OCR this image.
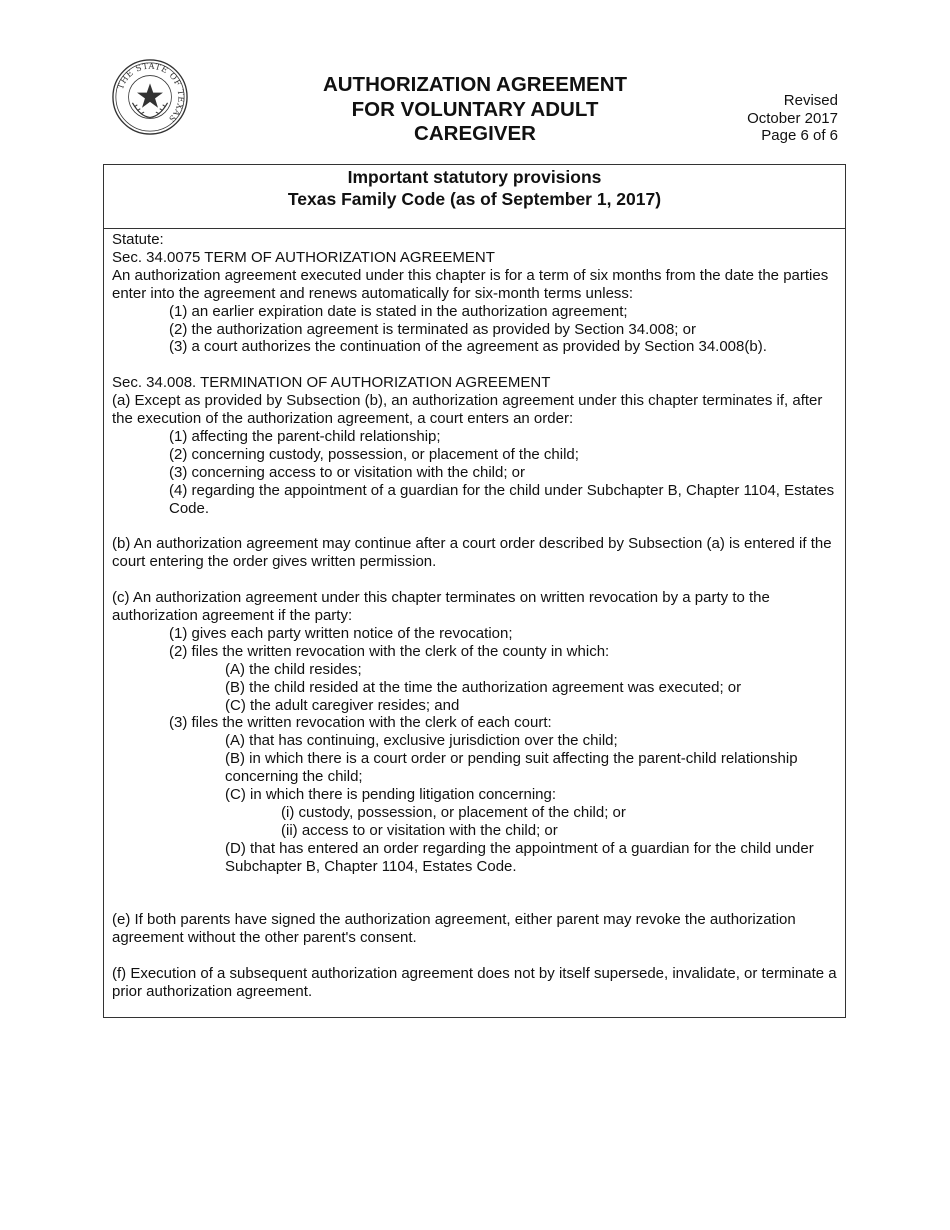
THE STATE OF TEXAS
AUTHORIZATION AGREEMENT
FOR VOLUNTARY ADULT
CAREGIVER
Revised
October 2017
Page 6 of 6
Important statutory provisions
Texas Family Code (as of September 1, 2017)

Statute:

Sec. 34.0075 TERM OF AUTHORIZATION AGREEMENT

An authorization agreement executed under this chapter is for a term of six months from the date the parties enter into the agreement and renews automatically for six-month terms unless:

(1) an earlier expiration date is stated in the authorization agreement;

(2) the authorization agreement is terminated as provided by Section 34.008; or

(3) a court authorizes the continuation of the agreement as provided by Section 34.008(b).

Sec. 34.008. TERMINATION OF AUTHORIZATION AGREEMENT

(a) Except as provided by Subsection (b), an authorization agreement under this chapter terminates if, after the execution of the authorization agreement, a court enters an order:

(1) affecting the parent-child relationship;

(2) concerning custody, possession, or placement of the child;

(3) concerning access to or visitation with the child; or

(4) regarding the appointment of a guardian for the child under Subchapter B, Chapter 1104, Estates Code.

(b) An authorization agreement may continue after a court order described by Subsection (a) is entered if the court entering the order gives written permission.

(c) An authorization agreement under this chapter terminates on written revocation by a party to the authorization agreement if the party:

(1) gives each party written notice of the revocation;

(2) files the written revocation with the clerk of the county in which:

(A) the child resides;

(B) the child resided at the time the authorization agreement was executed; or

(C) the adult caregiver resides; and

(3) files the written revocation with the clerk of each court:

(A) that has continuing, exclusive jurisdiction over the child;

(B) in which there is a court order or pending suit affecting the parent-child relationship concerning the child;

(C) in which there is pending litigation concerning:

(i) custody, possession, or placement of the child; or

(ii) access to or visitation with the child; or

(D) that has entered an order regarding the appointment of a guardian for the child under Subchapter B, Chapter 1104, Estates Code.

(e) If both parents have signed the authorization agreement, either parent may revoke the authorization agreement without the other parent's consent.

(f) Execution of a subsequent authorization agreement does not by itself supersede, invalidate, or terminate a prior authorization agreement.
